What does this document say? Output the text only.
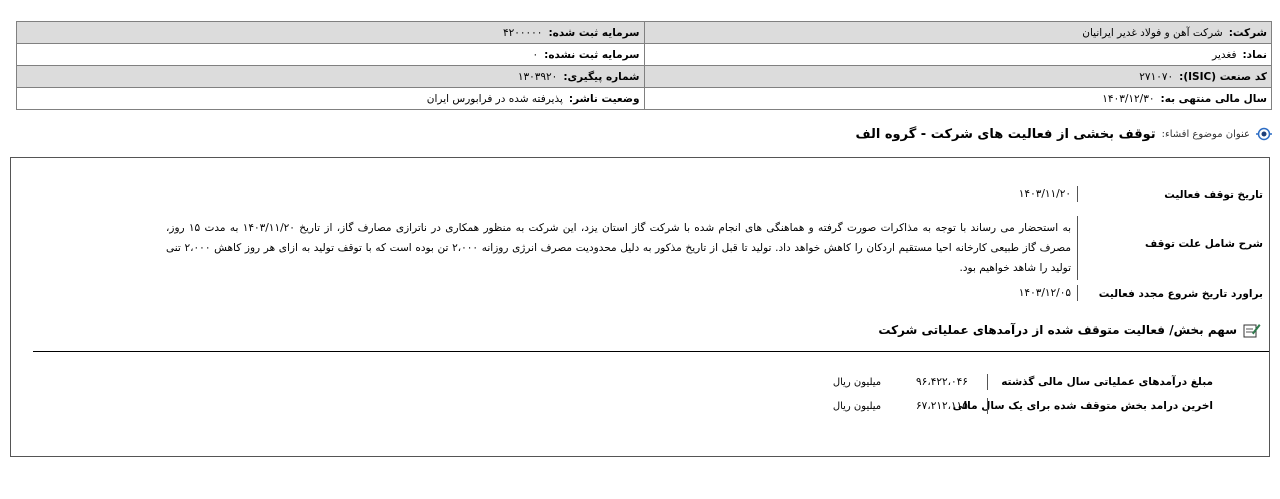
شرکت:شرکت آهن و فولاد غدیر ایرانیان	سرمایه ثبت شده:۴۲۰۰۰۰۰
نماد:فغدیر	سرمایه ثبت نشده:۰
کد صنعت (ISIC):۲۷۱۰۷۰	شماره پیگیری:۱۳۰۳۹۲۰
سال مالی منتهی به:۱۴۰۳/۱۲/۳۰	وضعیت ناشر:پذیرفته شده در فرابورس ایران
عنوان موضوع افشاء:
توقف بخشی از فعالیت های شرکت - گروه الف
تاریخ توقف فعالیت
۱۴۰۳/۱۱/۲۰
شرح شامل علت توقف
به استحضار می رساند با توجه به مذاکرات صورت گرفته و هماهنگی های انجام شده با شرکت گاز استان یزد، این شرکت به منظور همکاری در ناترازی مصارف گاز، از تاریخ ۱۴۰۳/۱۱/۲۰ به مدت ۱۵ روز، مصرف گاز طبیعی کارخانه احیا مستقیم اردکان را کاهش خواهد داد. تولید تا قبل از تاریخ مذکور به دلیل محدودیت مصرف انرژی روزانه ۲،۰۰۰ تن بوده است که با توقف تولید به ازای هر روز کاهش ۲،۰۰۰ تنی تولید را شاهد خواهیم بود.
براورد تاریخ شروع مجدد فعالیت
۱۴۰۳/۱۲/۰۵
سهم بخش/ فعالیت متوقف شده از درآمدهای عملیاتی شرکت
مبلغ درآمدهای عملیاتی سال مالی گذشته
۹۶،۴۲۲،۰۴۶
میلیون ریال
اخرین درامد بخش متوقف شده برای یک سال مالی
۶۷،۲۱۲،۱۱۵
میلیون ریال
